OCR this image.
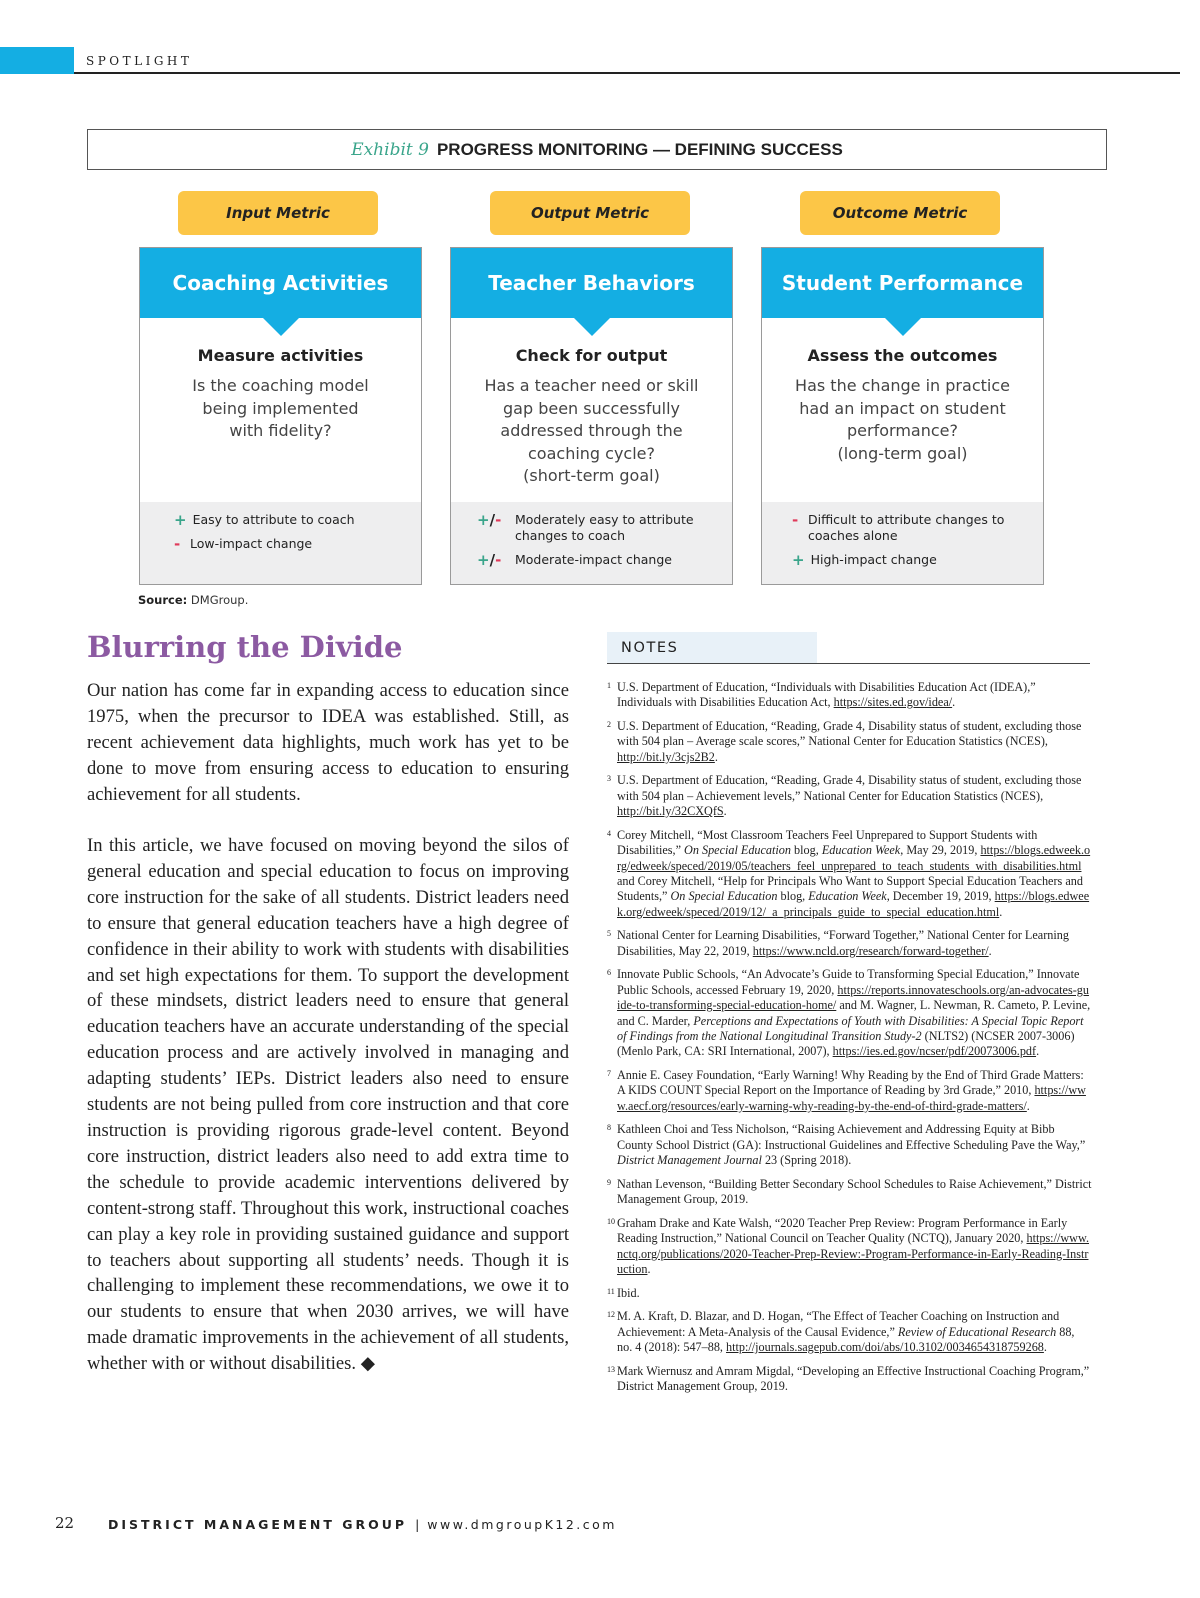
SPOTLIGHT
Exhibit 9 PROGRESS MONITORING — DEFINING SUCCESS
Input Metric
Coaching Activities
Measure activities
Is the coaching model
being implemented
with fidelity?
+ Easy to attribute to coach
- Low-impact change
Output Metric
Teacher Behaviors
Check for output
Has a teacher need or skill
gap been successfully
addressed through the
coaching cycle?
(short-term goal)
+/-	Moderately easy to attribute changes to coach
+/-	Moderate-impact change
Outcome Metric
Student Performance
Assess the outcomes
Has the change in practice
had an impact on student
performance?
(long-term goal)
- Difficult to attribute changes to coaches alone
+ High-impact change
Source: DMGroup.
Blurring the Divide

Our nation has come far in expanding access to education since 1975, when the precursor to IDEA was established. Still, as recent achievement data highlights, much work has yet to be done to move from ensuring access to education to ensuring achievement for all students.

In this article, we have focused on moving beyond the silos of general education and special education to focus on improving core instruction for the sake of all students. District leaders need to ensure that general education teachers have a high degree of confidence in their ability to work with students with disabilities and set high expectations for them. To support the development of these mindsets, district leaders need to ensure that general education teachers have an accurate understanding of the special education process and are actively involved in managing and adapting students’ IEPs. District leaders also need to ensure students are not being pulled from core instruction and that core instruction is providing rigorous grade-level content. Beyond core instruction, district leaders also need to add extra time to the schedule to provide academic interventions delivered by content-strong staff. Throughout this work, instructional coaches can play a key role in providing sustained guidance and support to teachers about supporting all students’ needs. Though it is challenging to implement these recommendations, we owe it to our students to ensure that when 2030 arrives, we will have made dramatic improvements in the achievement of all students, whether with or without disabilities. ◆

NOTES
1 U.S. Department of Education, “Individuals with Disabilities Education Act (IDEA),” Individuals with Disabilities Education Act, https://sites.ed.gov/idea/.
2 U.S. Department of Education, “Reading, Grade 4, Disability status of student, excluding those with 504 plan – Average scale scores,” National Center for Education Statistics (NCES), http://bit.ly/3cjs2B2.
3 U.S. Department of Education, “Reading, Grade 4, Disability status of student, excluding those with 504 plan – Achievement levels,” National Center for Education Statistics (NCES), http://bit.ly/32CXQfS.
4 Corey Mitchell, “Most Classroom Teachers Feel Unprepared to Support Students with Disabilities,” On Special Education blog, Education Week, May 29, 2019, https://blogs.edweek.org/edweek/speced/2019/05/teachers_feel_unprepared_to_teach_students_with_disabilities.html and Corey Mitchell, “Help for Principals Who Want to Support Special Education Teachers and Students,” On Special Education blog, Education Week, December 19, 2019, https://blogs.edweek.org/edweek/speced/2019/12/_a_principals_guide_to_special_education.html.
5 National Center for Learning Disabilities, “Forward Together,” National Center for Learning Disabilities, May 22, 2019, https://www.ncld.org/research/forward-together/.
6 Innovate Public Schools, “An Advocate’s Guide to Transforming Special Education,” Innovate Public Schools, accessed February 19, 2020, https://reports.innovateschools.org/an-advocates-guide-to-transforming-special-education-home/ and M. Wagner, L. Newman, R. Cameto, P. Levine, and C. Marder, Perceptions and Expectations of Youth with Disabilities: A Special Topic Report of Findings from the National Longitudinal Transition Study-2 (NLTS2) (NCSER 2007-3006) (Menlo Park, CA: SRI International, 2007), https://ies.ed.gov/ncser/pdf/20073006.pdf.
7 Annie E. Casey Foundation, “Early Warning! Why Reading by the End of Third Grade Matters: A KIDS COUNT Special Report on the Importance of Reading by 3rd Grade,” 2010, https://www.aecf.org/resources/early-warning-why-reading-by-the-end-of-third-grade-matters/.
8 Kathleen Choi and Tess Nicholson, “Raising Achievement and Addressing Equity at Bibb County School District (GA): Instructional Guidelines and Effective Scheduling Pave the Way,” District Management Journal 23 (Spring 2018).
9 Nathan Levenson, “Building Better Secondary School Schedules to Raise Achievement,” District Management Group, 2019.
10 Graham Drake and Kate Walsh, “2020 Teacher Prep Review: Program Performance in Early Reading Instruction,” National Council on Teacher Quality (NCTQ), January 2020, https://www.nctq.org/publications/2020-Teacher-Prep-Review:-Program-Performance-in-Early-Reading-Instruction.
11 Ibid.
12 M. A. Kraft, D. Blazar, and D. Hogan, “The Effect of Teacher Coaching on Instruction and Achievement: A Meta-Analysis of the Causal Evidence,” Review of Educational Research 88, no. 4 (2018): 547–88, http://journals.sagepub.com/doi/abs/10.3102/0034654318759268.
13 Mark Wiernusz and Amram Migdal, “Developing an Effective Instructional Coaching Program,” District Management Group, 2019.
22	DISTRICT MANAGEMENT GROUP | www.dmgroupK12.com
